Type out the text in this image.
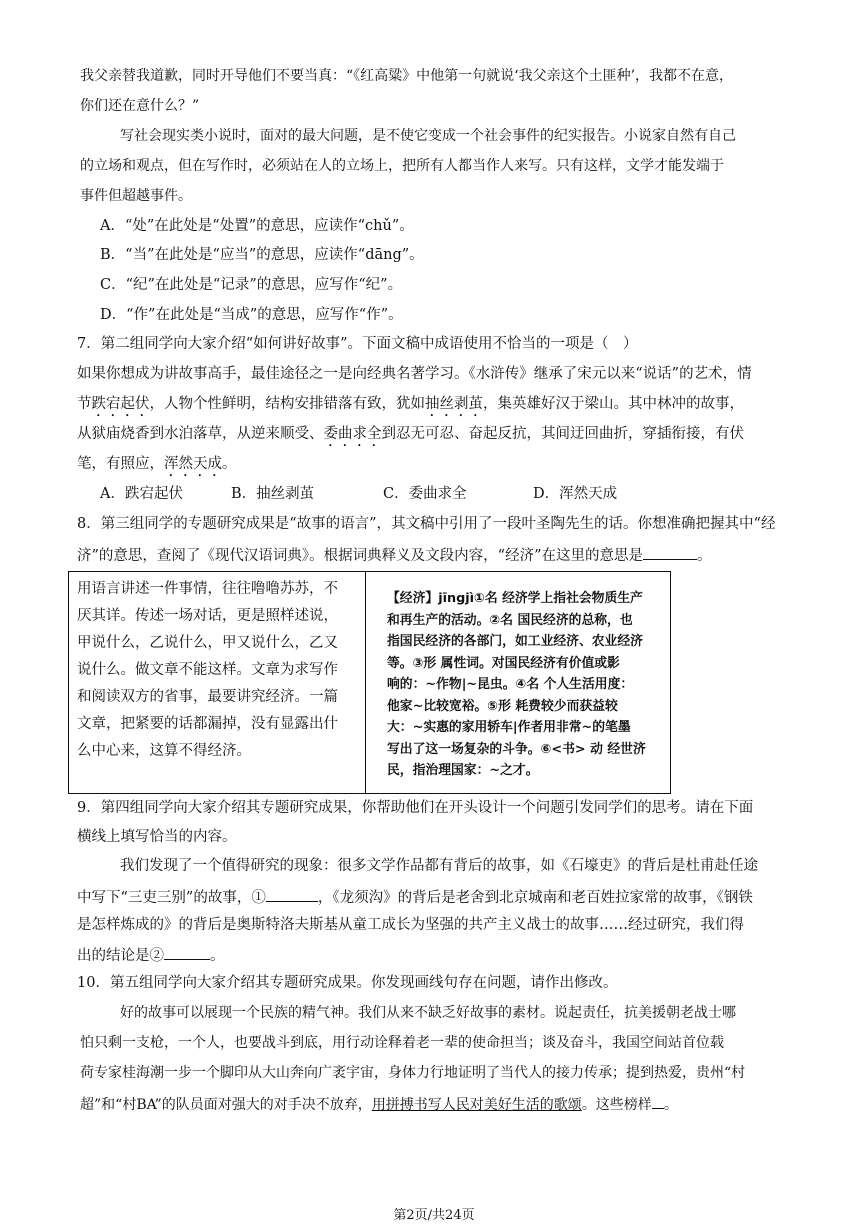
我父亲替我道歉，同时开导他们不要当真：“《红高粱》中他第一句就说‘我父亲这个土匪种’，我都不在意，
你们还在意什么？”
写社会现实类小说时，面对的最大问题，是不使它变成一个社会事件的纪实报告。小说家自然有自己
的立场和观点，但在写作时，必须站在人的立场上，把所有人都当作人来写。只有这样，文学才能发端于
事件但超越事件。
A．“处”在此处是“处置”的意思，应读作“chǔ”。
B．“当”在此处是“应当”的意思，应读作“dāng”。
C．“纪”在此处是“记录”的意思，应写作“纪”。
D．“作”在此处是“当成”的意思，应写作“作”。
7．第二组同学向大家介绍“如何讲好故事”。下面文稿中成语使用不恰当的一项是（　）
如果你想成为讲故事高手，最佳途径之一是向经典名著学习。《水浒传》继承了宋元以来“说话”的艺术，情
节跌宕起伏，人物个性鲜明，结构安排错落有致，犹如抽丝剥茧，集英雄好汉于梁山。其中林冲的故事，
从狱庙烧香到水泊落草，从逆来顺受、委曲求全到忍无可忍、奋起反抗，其间迂回曲折，穿插衔接，有伏
笔，有照应，浑然天成。
A．跌宕起伏	B．抽丝剥茧	C．委曲求全	D．浑然天成
8．第三组同学的专题研究成果是“故事的语言”，其文稿中引用了一段叶圣陶先生的话。你想准确把握其中“经
济”的意思，查阅了《现代汉语词典》。根据词典释义及文段内容，“经济”在这里的意思是	。
用语言讲述一件事情，往往噜噜苏苏，不
厌其详。传述一场对话，更是照样述说，
甲说什么，乙说什么，甲又说什么，乙又
说什么。做文章不能这样。文章为求写作
和阅读双方的省事，最要讲究经济。一篇
文章，把紧要的话都漏掉，没有显露出什
么中心来，这算不得经济。
【经济】jīngjì①名 经济学上指社会物质生产
和再生产的活动。②名 国民经济的总称，也
指国民经济的各部门，如工业经济、农业经济
等。③形 属性词。对国民经济有价值或影
响的：~作物|~昆虫。④名 个人生活用度：
他家~比较宽裕。⑤形 耗费较少而获益较
大：~实惠的家用轿车|作者用非常~的笔墨
写出了这一场复杂的斗争。⑥<书> 动 经世济
民，指治理国家：~之才。
9．第四组同学向大家介绍其专题研究成果，你帮助他们在开头设计一个问题引发同学们的思考。请在下面
横线上填写恰当的内容。
我们发现了一个值得研究的现象：很多文学作品都有背后的故事，如《石壕吏》的背后是杜甫赴任途
中写下“三吏三别”的故事，①	，《龙须沟》的背后是老舍到北京城南和老百姓拉家常的故事，《钢铁
是怎样炼成的》的背后是奥斯特洛夫斯基从童工成长为坚强的共产主义战士的故事……经过研究，我们得
出的结论是②	。
10．第五组同学向大家介绍其专题研究成果。你发现画线句存在问题，请作出修改。
好的故事可以展现一个民族的精气神。我们从来不缺乏好故事的素材。说起责任，抗美援朝老战士哪
怕只剩一支枪，一个人，也要战斗到底，用行动诠释着老一辈的使命担当；谈及奋斗，我国空间站首位载
荷专家桂海潮一步一个脚印从大山奔向广袤宇宙，身体力行地证明了当代人的接力传承；提到热爱，贵州“村
超”和“村BA”的队员面对强大的对手决不放弃，用拼搏书写人民对美好生活的歌颂。这些榜样 。
第2页/共24页
